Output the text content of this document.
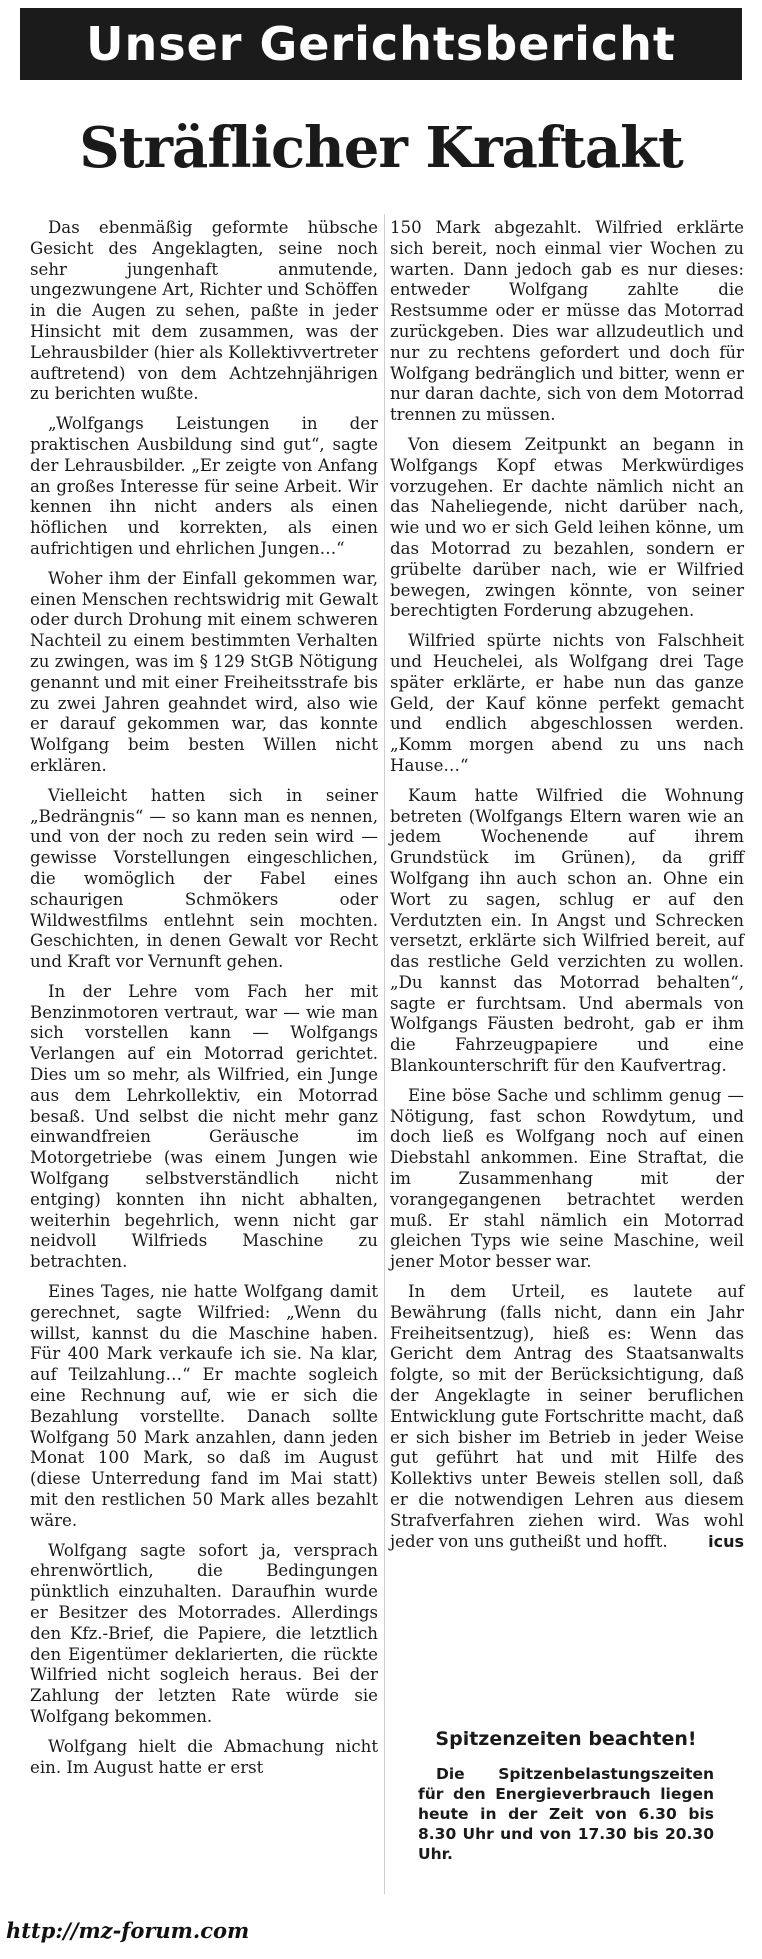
Unser Gerichtsbericht
Sträflicher Kraftakt

Das ebenmäßig geformte hübsche Gesicht des Angeklagten, seine noch sehr jungenhaft anmutende, ungezwungene Art, Richter und Schöffen in die Augen zu sehen, paßte in jeder Hinsicht mit dem zusammen, was der Lehrausbilder (hier als Kollektivvertreter auftretend) von dem Achtzehnjährigen zu berichten wußte.

„Wolfgangs Leistungen in der praktischen Ausbildung sind gut“, sagte der Lehrausbilder. „Er zeigte von Anfang an großes Interesse für seine Arbeit. Wir kennen ihn nicht anders als einen höflichen und korrekten, als einen aufrichtigen und ehrlichen Jungen…“

Woher ihm der Einfall gekommen war, einen Menschen rechtswidrig mit Gewalt oder durch Drohung mit einem schweren Nachteil zu einem bestimmten Verhalten zu zwingen, was im § 129 StGB Nötigung genannt und mit einer Freiheitsstrafe bis zu zwei Jahren geahndet wird, also wie er darauf gekommen war, das konnte Wolfgang beim besten Willen nicht erklären.

Vielleicht hatten sich in seiner „Bedrängnis“ — so kann man es nennen, und von der noch zu reden sein wird — gewisse Vorstellungen eingeschlichen, die womöglich der Fabel eines schaurigen Schmökers oder Wildwestfilms entlehnt sein mochten. Geschichten, in denen Gewalt vor Recht und Kraft vor Vernunft gehen.

In der Lehre vom Fach her mit Benzinmotoren vertraut, war — wie man sich vorstellen kann — Wolfgangs Verlangen auf ein Motorrad gerichtet. Dies um so mehr, als Wilfried, ein Junge aus dem Lehrkollektiv, ein Motorrad besaß. Und selbst die nicht mehr ganz einwandfreien Geräusche im Motorgetriebe (was einem Jungen wie Wolfgang selbstverständlich nicht entging) konnten ihn nicht abhalten, weiterhin begehrlich, wenn nicht gar neidvoll Wilfrieds Maschine zu betrachten.

Eines Tages, nie hatte Wolfgang damit gerechnet, sagte Wilfried: „Wenn du willst, kannst du die Maschine haben. Für 400 Mark verkaufe ich sie. Na klar, auf Teilzahlung…“ Er machte sogleich eine Rechnung auf, wie er sich die Bezahlung vorstellte. Danach sollte Wolfgang 50 Mark anzahlen, dann jeden Monat 100 Mark, so daß im August (diese Unterredung fand im Mai statt) mit den restlichen 50 Mark alles bezahlt wäre.

Wolfgang sagte sofort ja, versprach ehrenwörtlich, die Bedingungen pünktlich einzuhalten. Daraufhin wurde er Besitzer des Motorrades. Allerdings den Kfz.-Brief, die Papiere, die letztlich den Eigentümer deklarierten, die rückte Wilfried nicht sogleich heraus. Bei der Zahlung der letzten Rate würde sie Wolfgang bekommen.

Wolfgang hielt die Abmachung nicht ein. Im August hatte er erst

150 Mark abgezahlt. Wilfried erklärte sich bereit, noch einmal vier Wochen zu warten. Dann jedoch gab es nur dieses: entweder Wolfgang zahlte die Restsumme oder er müsse das Motorrad zurückgeben. Dies war allzudeutlich und nur zu rechtens gefordert und doch für Wolfgang bedränglich und bitter, wenn er nur daran dachte, sich von dem Motorrad trennen zu müssen.

Von diesem Zeitpunkt an begann in Wolfgangs Kopf etwas Merkwürdiges vorzugehen. Er dachte nämlich nicht an das Naheliegende, nicht darüber nach, wie und wo er sich Geld leihen könne, um das Motorrad zu bezahlen, sondern er grübelte darüber nach, wie er Wilfried bewegen, zwingen könnte, von seiner berechtigten Forderung abzugehen.

Wilfried spürte nichts von Falschheit und Heuchelei, als Wolfgang drei Tage später erklärte, er habe nun das ganze Geld, der Kauf könne perfekt gemacht und endlich abgeschlossen werden. „Komm morgen abend zu uns nach Hause…“

Kaum hatte Wilfried die Wohnung betreten (Wolfgangs Eltern waren wie an jedem Wochenende auf ihrem Grundstück im Grünen), da griff Wolfgang ihn auch schon an. Ohne ein Wort zu sagen, schlug er auf den Verdutzten ein. In Angst und Schrecken versetzt, erklärte sich Wilfried bereit, auf das restliche Geld verzichten zu wollen. „Du kannst das Motorrad behalten“, sagte er furchtsam. Und abermals von Wolfgangs Fäusten bedroht, gab er ihm die Fahrzeugpapiere und eine Blankounterschrift für den Kaufvertrag.

Eine böse Sache und schlimm genug — Nötigung, fast schon Rowdytum, und doch ließ es Wolfgang noch auf einen Diebstahl ankommen. Eine Straftat, die im Zusammenhang mit der vorangegangenen betrachtet werden muß. Er stahl nämlich ein Motorrad gleichen Typs wie seine Maschine, weil jener Motor besser war.

In dem Urteil, es lautete auf Bewährung (falls nicht, dann ein Jahr Freiheitsentzug), hieß es: Wenn das Gericht dem Antrag des Staatsanwalts folgte, so mit der Berücksichtigung, daß der Angeklagte in seiner beruflichen Entwicklung gute Fortschritte macht, daß er sich bisher im Betrieb in jeder Weise gut geführt hat und mit Hilfe des Kollektivs unter Beweis stellen soll, daß er die notwendigen Lehren aus diesem Strafverfahren ziehen wird. Was wohl jeder von uns gutheißt und hofft.	icus

Spitzenzeiten beachten!
Die Spitzenbelastungszeiten für den Energieverbrauch liegen heute in der Zeit von 6.30 bis 8.30 Uhr und von 17.30 bis 20.30 Uhr.
http://mz-forum.com
